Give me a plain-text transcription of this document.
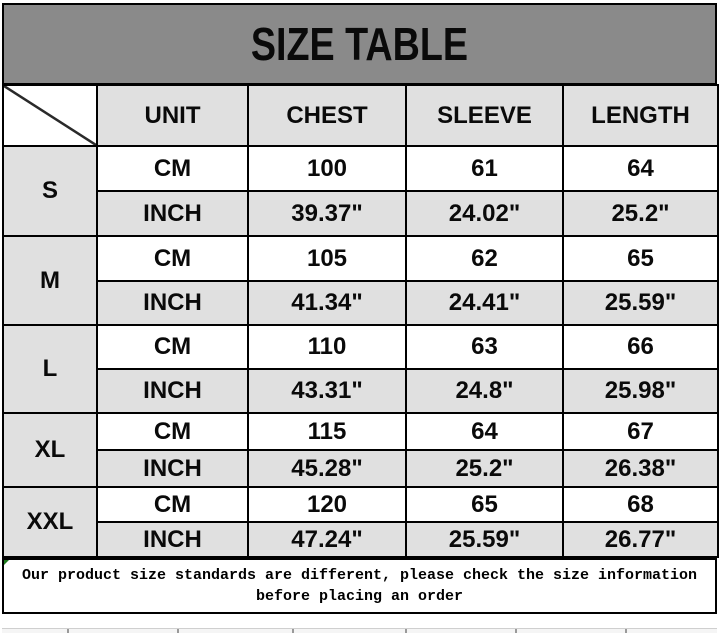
SIZE TABLE
	UNIT	CHEST	SLEEVE	LENGTH
S	CM	100	61	64
	INCH	39.37"	24.02"	25.2"
M	CM	105	62	65
	INCH	41.34"	24.41"	25.59"
L	CM	110	63	66
	INCH	43.31"	24.8"	25.98"
XL	CM	115	64	67
	INCH	45.28"	25.2"	26.38"
XXL	CM	120	65	68
	INCH	47.24"	25.59"	26.77"
Our product size standards are different, please check the size information
before placing an order
